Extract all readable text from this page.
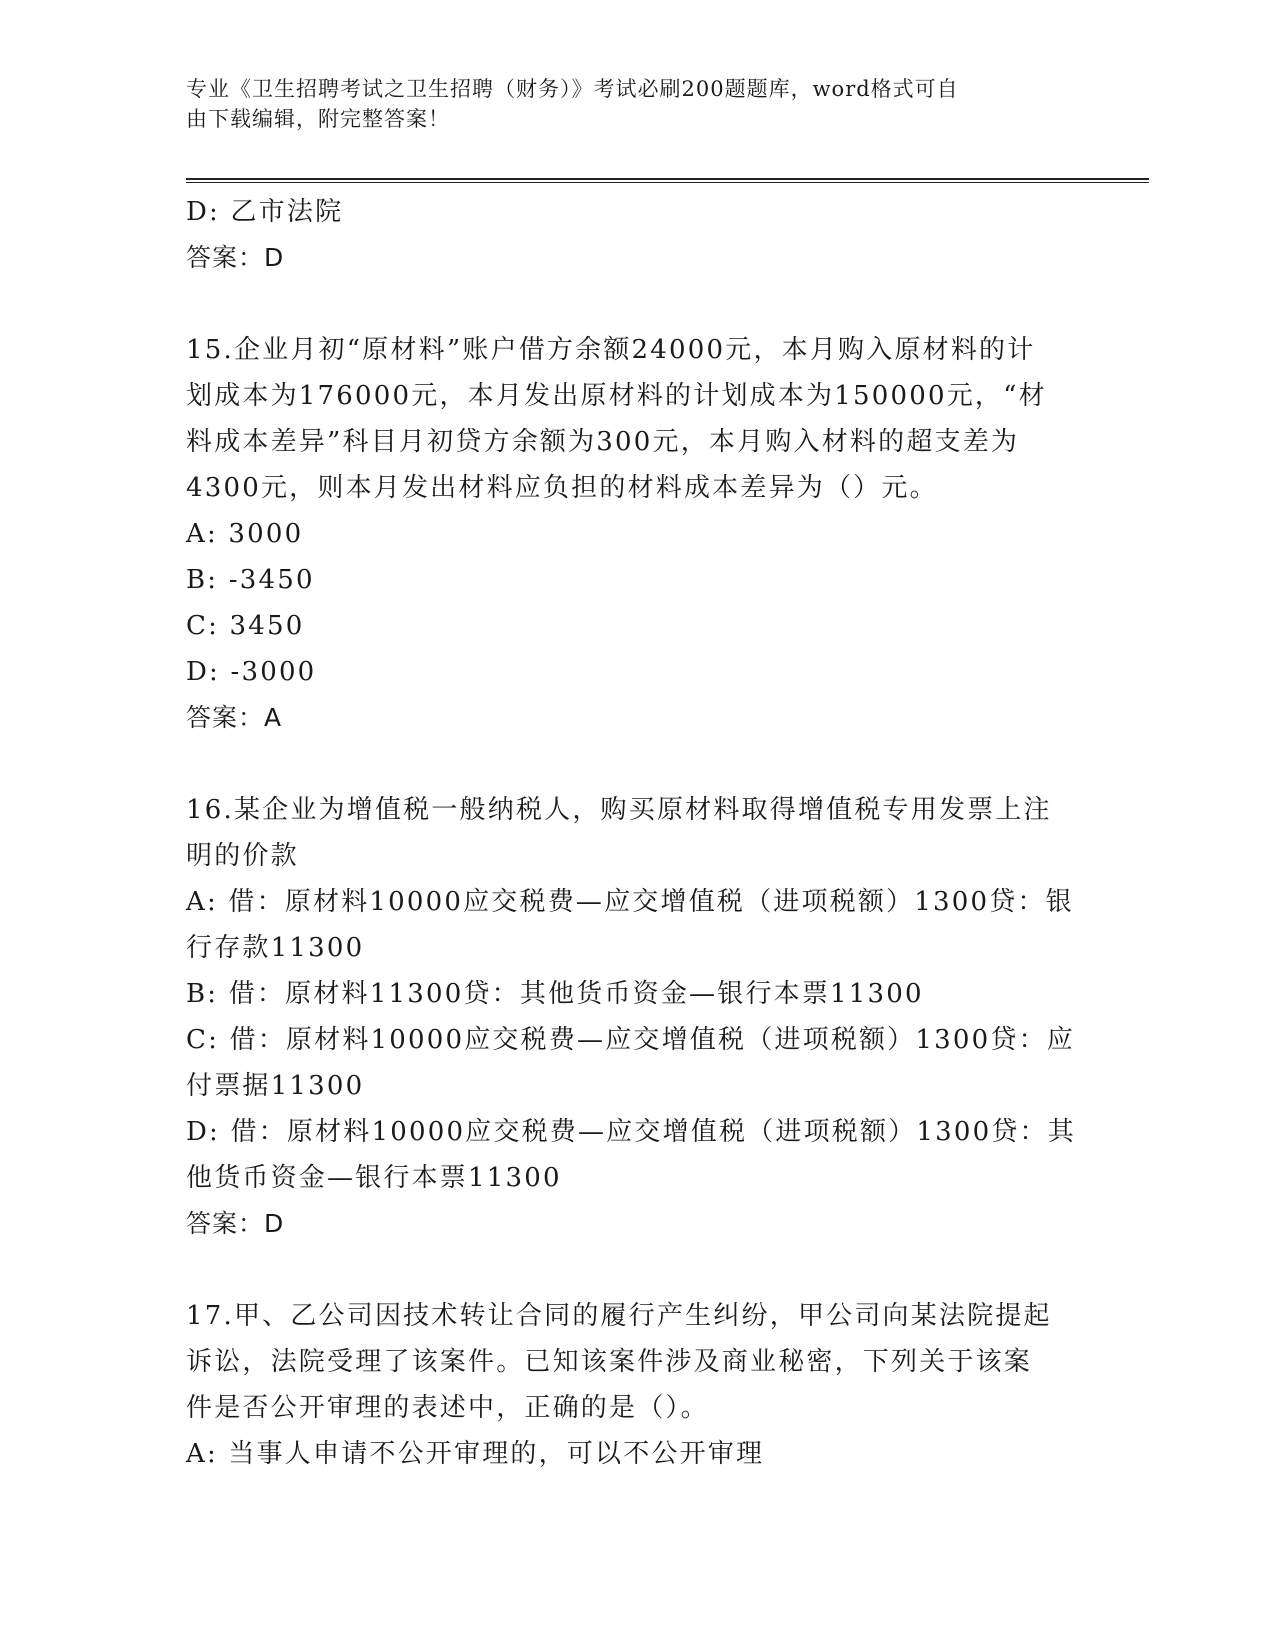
专业《卫生招聘考试之卫生招聘（财务）》考试必刷200题题库，word格式可自
由下载编辑，附完整答案！
D: 乙市法院
答案：D
15.企业月初“原材料”账户借方余额24000元，本月购入原材料的计
划成本为176000元，本月发出原材料的计划成本为150000元，“材
料成本差异”科目月初贷方余额为300元，本月购入材料的超支差为
4300元，则本月发出材料应负担的材料成本差异为（）元。
A: 3000
B: -3450
C: 3450
D: -3000
答案：A
16.某企业为增值税一般纳税人，购买原材料取得增值税专用发票上注
明的价款
A: 借：原材料10000应交税费—应交增值税（进项税额）1300贷：银
行存款11300
B: 借：原材料11300贷：其他货币资金—银行本票11300
C: 借：原材料10000应交税费—应交增值税（进项税额）1300贷：应
付票据11300
D: 借：原材料10000应交税费—应交增值税（进项税额）1300贷：其
他货币资金—银行本票11300
答案：D
17.甲、乙公司因技术转让合同的履行产生纠纷，甲公司向某法院提起
诉讼，法院受理了该案件。已知该案件涉及商业秘密，下列关于该案
件是否公开审理的表述中，正确的是（）。
A: 当事人申请不公开审理的，可以不公开审理
